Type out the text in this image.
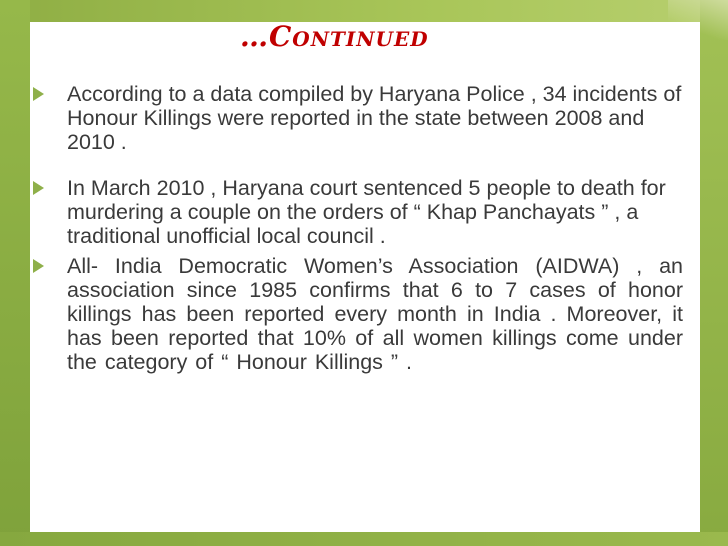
…Continued

According to a data compiled by Haryana Police , 34 incidents of Honour Killings were reported in the state between 2008 and 2010 .

In March 2010 , Haryana court sentenced 5 people to death for murdering a couple on the orders of “ Khap Panchayats ” , a traditional unofficial local council .

All- India Democratic Women’s Association (AIDWA) , an association since 1985 confirms that 6 to 7 cases of honor killings has been reported every month in India . Moreover, it has been reported that 10% of all women killings come under the category of “ Honour Killings ” .
